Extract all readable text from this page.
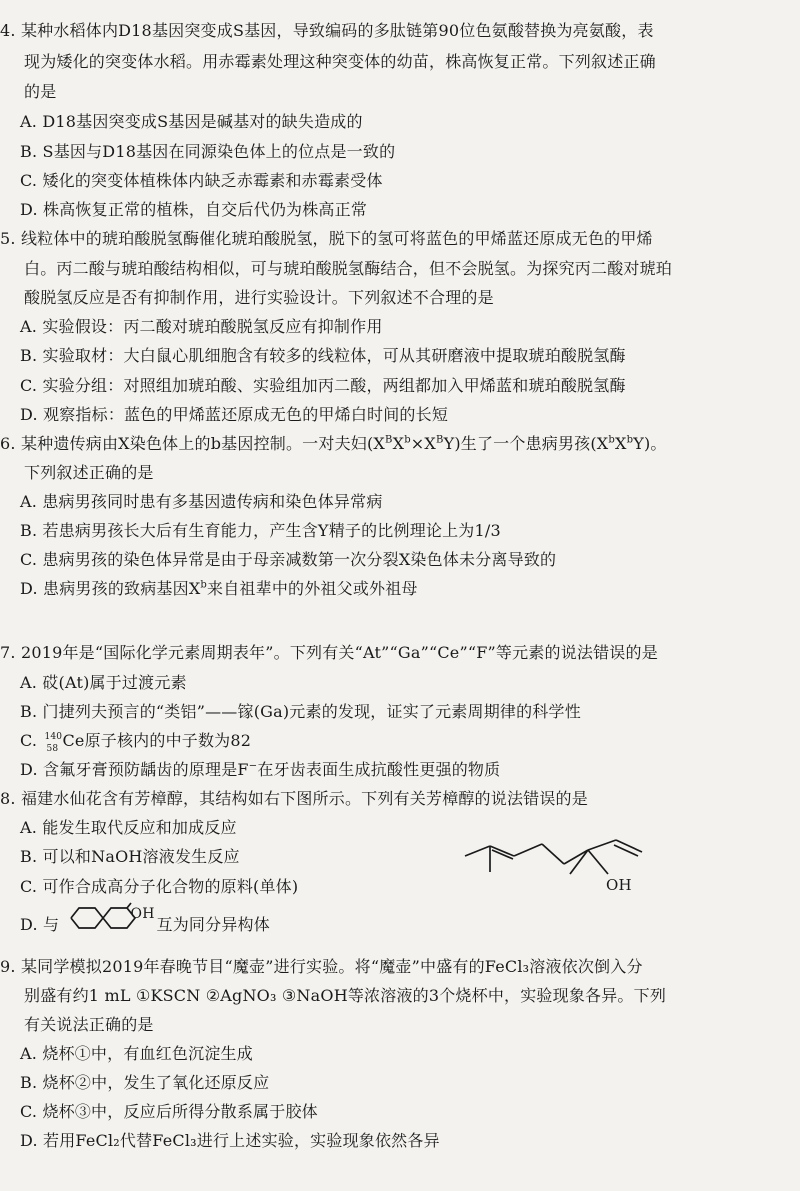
4. 某种水稻体内D18基因突变成S基因，导致编码的多肽链第90位色氨酸替换为亮氨酸，表
现为矮化的突变体水稻。用赤霉素处理这种突变体的幼苗，株高恢复正常。下列叙述正确
的是
A. D18基因突变成S基因是碱基对的缺失造成的
B. S基因与D18基因在同源染色体上的位点是一致的
C. 矮化的突变体植株体内缺乏赤霉素和赤霉素受体
D. 株高恢复正常的植株，自交后代仍为株高正常
5. 线粒体中的琥珀酸脱氢酶催化琥珀酸脱氢，脱下的氢可将蓝色的甲烯蓝还原成无色的甲烯
白。丙二酸与琥珀酸结构相似，可与琥珀酸脱氢酶结合，但不会脱氢。为探究丙二酸对琥珀
酸脱氢反应是否有抑制作用，进行实验设计。下列叙述不合理的是
A. 实验假设：丙二酸对琥珀酸脱氢反应有抑制作用
B. 实验取材：大白鼠心肌细胞含有较多的线粒体，可从其研磨液中提取琥珀酸脱氢酶
C. 实验分组：对照组加琥珀酸、实验组加丙二酸，两组都加入甲烯蓝和琥珀酸脱氢酶
D. 观察指标：蓝色的甲烯蓝还原成无色的甲烯白时间的长短
6. 某种遗传病由X染色体上的b基因控制。一对夫妇$(X^BX^b\times X^BY)$生了一个患病男孩$(X^bX^bY)$。
下列叙述正确的是
A. 患病男孩同时患有多基因遗传病和染色体异常病
B. 若患病男孩长大后有生育能力，产生含Y精子的比例理论上为1/3
C. 患病男孩的染色体异常是由于母亲减数第一次分裂X染色体未分离导致的
D. 患病男孩的致病基因$X^b$来自祖辈中的外祖父或外祖母
7. 2019年是“国际化学元素周期表年”。下列有关“At”“Ga”“Ce”“F”等元素的说法错误的是
A. 砹(At)属于过渡元素
B. 门捷列夫预言的“类铝”——镓(Ga)元素的发现，证实了元素周期律的科学性
C. 140
58 Ce原子核内的中子数为82
D. 含氟牙膏预防龋齿的原理是F−在牙齿表面生成抗酸性更强的物质
8. 福建水仙花含有芳樟醇，其结构如右下图所示。下列有关芳樟醇的说法错误的是
A. 能发生取代反应和加成反应
B. 可以和NaOH溶液发生反应
C. 可作合成高分子化合物的原料(单体)
D. 与
OH
互为同分异构体
OH
9. 某同学模拟2019年春晚节目“魔壶”进行实验。将“魔壶”中盛有的FeCl₃溶液依次倒入分
别盛有约1 mL ①KSCN ②AgNO₃ ③NaOH等浓溶液的3个烧杯中，实验现象各异。下列
有关说法正确的是
A. 烧杯①中，有血红色沉淀生成
B. 烧杯②中，发生了氧化还原反应
C. 烧杯③中，反应后所得分散系属于胶体
D. 若用FeCl₂代替FeCl₃进行上述实验，实验现象依然各异
